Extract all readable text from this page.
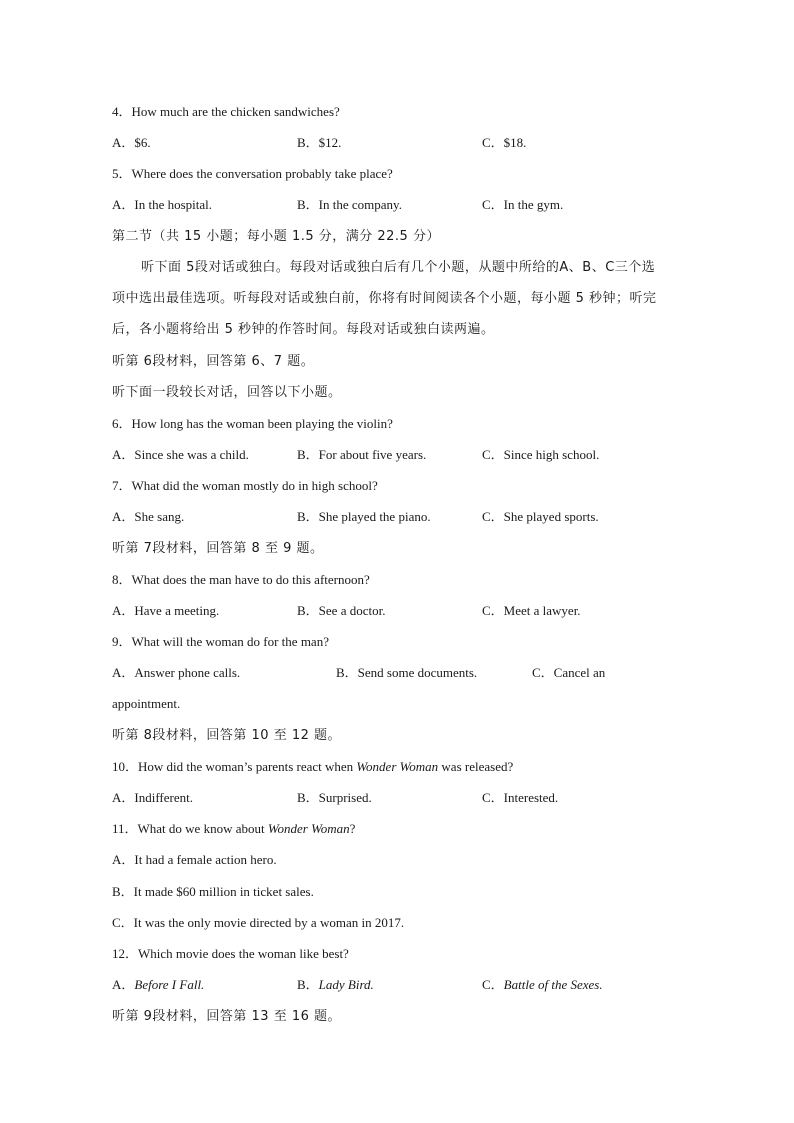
4．How much are the chicken sandwiches?
A．$6.	B．$12.	C．$18.
5．Where does the conversation probably take place?
A．In the hospital.	B．In the company.	C．In the gym.
第二节（共 15 小题；每小题 1.5 分，满分 22.5 分）
听下面 5段对话或独白。每段对话或独白后有几个小题，从题中所给的A、B、C三个选
项中选出最佳选项。听每段对话或独白前，你将有时间阅读各个小题，每小题 5 秒钟；听完
后，各小题将给出 5 秒钟的作答时间。每段对话或独白读两遍。
听第 6段材料，回答第 6、7 题。
听下面一段较长对话，回答以下小题。
6．How long has the woman been playing the violin?
A．Since she was a child.	B．For about five years.	C．Since high school.
7．What did the woman mostly do in high school?
A．She sang.	B．She played the piano.	C．She played sports.
听第 7段材料，回答第 8 至 9 题。
8．What does the man have to do this afternoon?
A．Have a meeting.	B．See a doctor.	C．Meet a lawyer.
9．What will the woman do for the man?
A．Answer phone calls.	B．Send some documents.	C．Cancel an
appointment.
听第 8段材料，回答第 10 至 12 题。
10．How did the woman’s parents react when Wonder Woman was released?
A．Indifferent.	B．Surprised.	C．Interested.
11．What do we know about Wonder Woman?
A．It had a female action hero.
B．It made $60 million in ticket sales.
C．It was the only movie directed by a woman in 2017.
12．Which movie does the woman like best?
A．Before I Fall.	B．Lady Bird.	C．Battle of the Sexes.
听第 9段材料，回答第 13 至 16 题。
